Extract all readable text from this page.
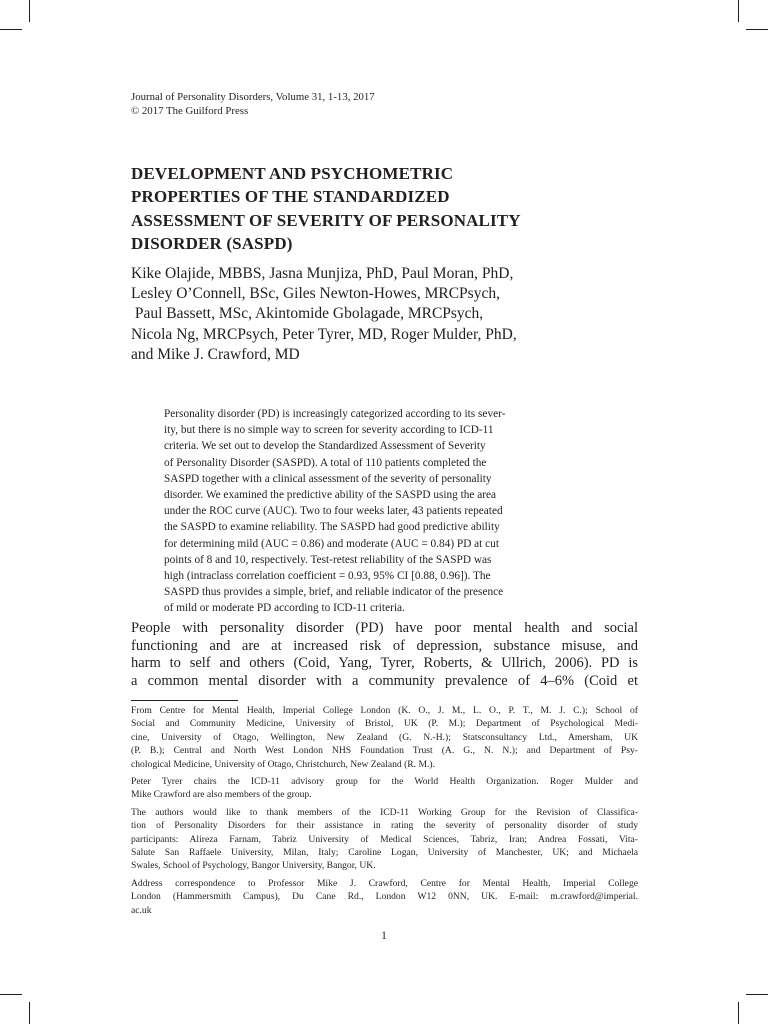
Journal of Personality Disorders, Volume 31, 1-13, 2017
© 2017 The Guilford Press
DEVELOPMENT AND PSYCHOMETRIC
PROPERTIES OF THE STANDARDIZED
ASSESSMENT OF SEVERITY OF PERSONALITY
DISORDER (SASPD)
Kike Olajide, MBBS, Jasna Munjiza, PhD, Paul Moran, PhD,
Lesley O’Connell, BSc, Giles Newton-Howes, MRCPsych,
Paul Bassett, MSc, Akintomide Gbolagade, MRCPsych,
Nicola Ng, MRCPsych, Peter Tyrer, MD, Roger Mulder, PhD,
and Mike J. Crawford, MD
Personality disorder (PD) is increasingly categorized according to its sever-
ity, but there is no simple way to screen for severity according to ICD-11
criteria. We set out to develop the Standardized Assessment of Severity
of Personality Disorder (SASPD). A total of 110 patients completed the
SASPD together with a clinical assessment of the severity of personality
disorder. We examined the predictive ability of the SASPD using the area
under the ROC curve (AUC). Two to four weeks later, 43 patients repeated
the SASPD to examine reliability. The SASPD had good predictive ability
for determining mild (AUC = 0.86) and moderate (AUC = 0.84) PD at cut
points of 8 and 10, respectively. Test-retest reliability of the SASPD was
high (intraclass correlation coefficient = 0.93, 95% CI [0.88, 0.96]). The
SASPD thus provides a simple, brief, and reliable indicator of the presence
of mild or moderate PD according to ICD-11 criteria.
People with personality disorder (PD) have poor mental health and social
functioning and are at increased risk of depression, substance misuse, and
harm to self and others (Coid, Yang, Tyrer, Roberts, & Ullrich, 2006). PD is
a common mental disorder with a community prevalence of 4–6% (Coid et
From Centre for Mental Health, Imperial College London (K. O., J. M., L. O., P. T., M. J. C.); School of
Social and Community Medicine, University of Bristol, UK (P. M.); Department of Psychological Medi-
cine, University of Otago, Wellington, New Zealand (G. N.-H.); Statsconsultancy Ltd., Amersham, UK
(P. B.); Central and North West London NHS Foundation Trust (A. G., N. N.); and Department of Psy-
chological Medicine, University of Otago, Christchurch, New Zealand (R. M.).
Peter Tyrer chairs the ICD-11 advisory group for the World Health Organization. Roger Mulder and
Mike Crawford are also members of the group.
The authors would like to thank members of the ICD-11 Working Group for the Revision of Classifica-
tion of Personality Disorders for their assistance in rating the severity of personality disorder of study
participants: Alireza Farnam, Tabriz University of Medical Sciences, Tabriz, Iran; Andrea Fossati, Vita-
Salute San Raffaele University, Milan, Italy; Caroline Logan, University of Manchester, UK; and Michaela
Swales, School of Psychology, Bangor University, Bangor, UK.
Address correspondence to Professor Mike J. Crawford, Centre for Mental Health, Imperial College
London (Hammersmith Campus), Du Cane Rd., London W12 0NN, UK. E-mail: m.crawford@imperial.
ac.uk
1
